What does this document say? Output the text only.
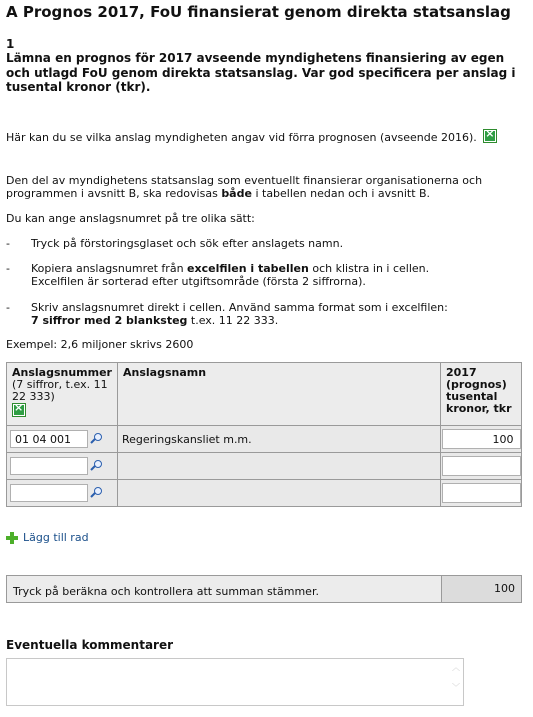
A Prognos 2017, FoU finansierat genom direkta statsanslag
1
Lämna en prognos för 2017 avseende myndighetens finansiering av egen och utlagd FoU genom direkta statsanslag. Var god specificera per anslag i tusental kronor (tkr).
Här kan du se vilka anslag myndigheten angav vid förra prognosen (avseende 2016). ×
Den del av myndighetens statsanslag som eventuellt finansierar organisationerna och
programmen i avsnitt B, ska redovisas både i tabellen nedan och i avsnitt B.
Du kan ange anslagsnumret på tre olika sätt:
- Tryck på förstoringsglaset och sök efter anslagets namn.
- Kopiera anslagsnumret från excelfilen i tabellen och klistra in i cellen.
Excelfilen är sorterad efter utgiftsområde (första 2 siffrorna).
- Skriv anslagsnumret direkt i cellen. Använd samma format som i excelfilen:
7 siffror med 2 blanksteg t.ex. 11 22 333.
Exempel: 2,6 miljoner skrivs 2600
Anslagsnummer
(7 siffror, t.ex. 11 22 333)
×	Anslagsnamn	2017 (prognos) tusental kronor, tkr
01 04 001	Regeringskansliet m.m.	100

Lägg till rad
Tryck på beräkna och kontrollera att summan stämmer.	100
Eventuella kommentarer
︿

﹀
